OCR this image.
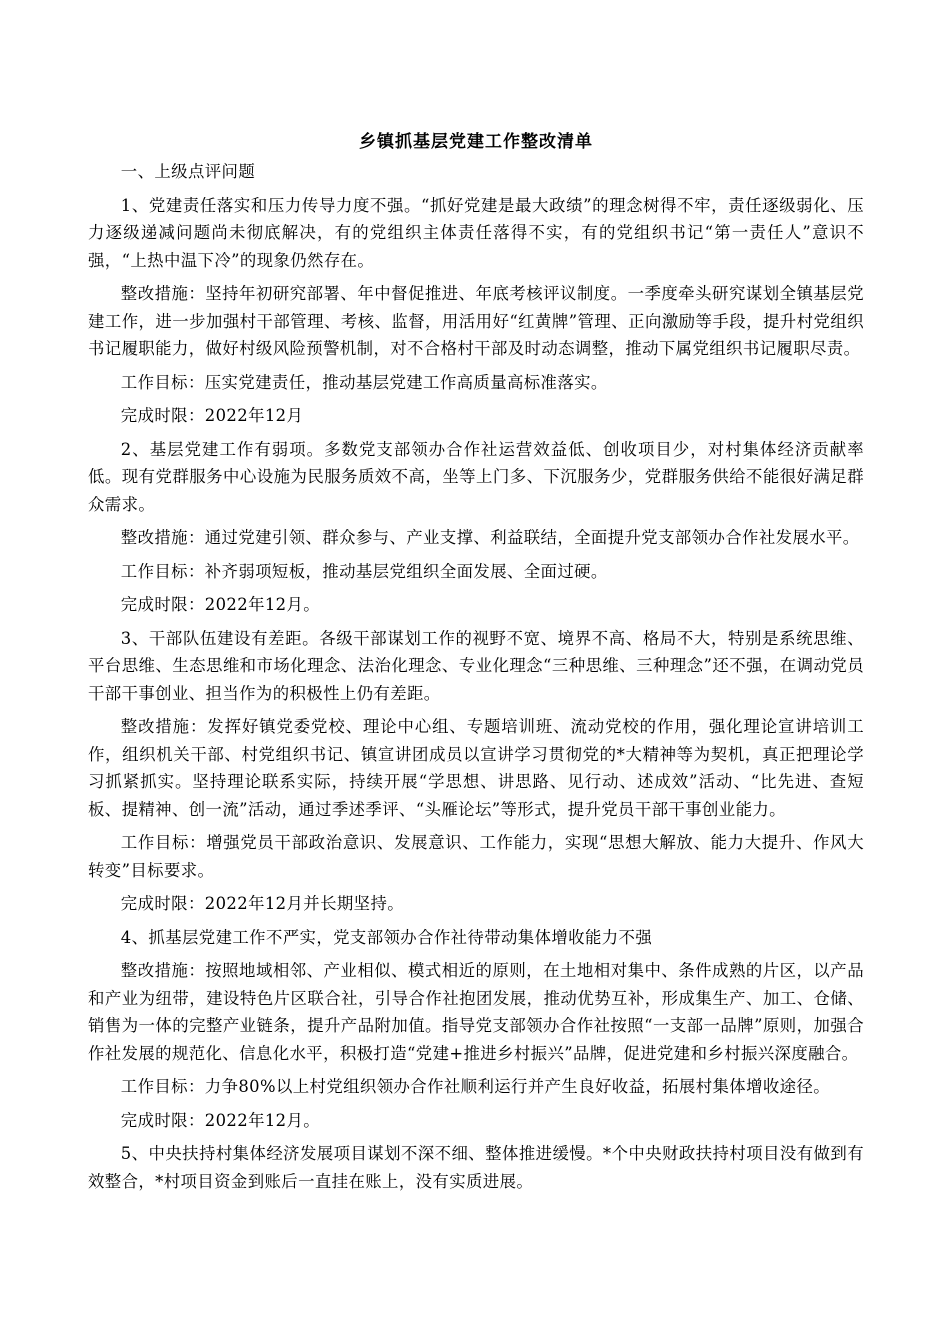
乡镇抓基层党建工作整改清单

一、上级点评问题

1、党建责任落实和压力传导力度不强。“抓好党建是最大政绩”的理念树得不牢，责任逐级弱化、压力逐级递减问题尚未彻底解决，有的党组织主体责任落得不实，有的党组织书记“第一责任人”意识不强，“上热中温下冷”的现象仍然存在。

整改措施：坚持年初研究部署、年中督促推进、年底考核评议制度。一季度牵头研究谋划全镇基层党建工作，进一步加强村干部管理、考核、监督，用活用好“红黄牌”管理、正向激励等手段，提升村党组织书记履职能力，做好村级风险预警机制，对不合格村干部及时动态调整，推动下属党组织书记履职尽责。

工作目标：压实党建责任，推动基层党建工作高质量高标准落实。

完成时限：2022年12月

2、基层党建工作有弱项。多数党支部领办合作社运营效益低、创收项目少，对村集体经济贡献率低。现有党群服务中心设施为民服务质效不高，坐等上门多、下沉服务少，党群服务供给不能很好满足群众需求。

整改措施：通过党建引领、群众参与、产业支撑、利益联结，全面提升党支部领办合作社发展水平。

工作目标：补齐弱项短板，推动基层党组织全面发展、全面过硬。

完成时限：2022年12月。

3、干部队伍建设有差距。各级干部谋划工作的视野不宽、境界不高、格局不大，特别是系统思维、平台思维、生态思维和市场化理念、法治化理念、专业化理念“三种思维、三种理念”还不强，在调动党员干部干事创业、担当作为的积极性上仍有差距。

整改措施：发挥好镇党委党校、理论中心组、专题培训班、流动党校的作用，强化理论宣讲培训工作，组织机关干部、村党组织书记、镇宣讲团成员以宣讲学习贯彻党的*大精神等为契机，真正把理论学习抓紧抓实。坚持理论联系实际，持续开展“学思想、讲思路、见行动、述成效”活动、“比先进、查短板、提精神、创一流”活动，通过季述季评、“头雁论坛”等形式，提升党员干部干事创业能力。

工作目标：增强党员干部政治意识、发展意识、工作能力，实现“思想大解放、能力大提升、作风大转变”目标要求。

完成时限：2022年12月并长期坚持。

4、抓基层党建工作不严实，党支部领办合作社待带动集体增收能力不强

整改措施：按照地域相邻、产业相似、模式相近的原则，在土地相对集中、条件成熟的片区，以产品和产业为纽带，建设特色片区联合社，引导合作社抱团发展，推动优势互补，形成集生产、加工、仓储、销售为一体的完整产业链条，提升产品附加值。指导党支部领办合作社按照“一支部一品牌”原则，加强合作社发展的规范化、信息化水平，积极打造“党建+推进乡村振兴”品牌，促进党建和乡村振兴深度融合。

工作目标：力争80%以上村党组织领办合作社顺利运行并产生良好收益，拓展村集体增收途径。

完成时限：2022年12月。

5、中央扶持村集体经济发展项目谋划不深不细、整体推进缓慢。*个中央财政扶持村项目没有做到有效整合，*村项目资金到账后一直挂在账上，没有实质进展。
